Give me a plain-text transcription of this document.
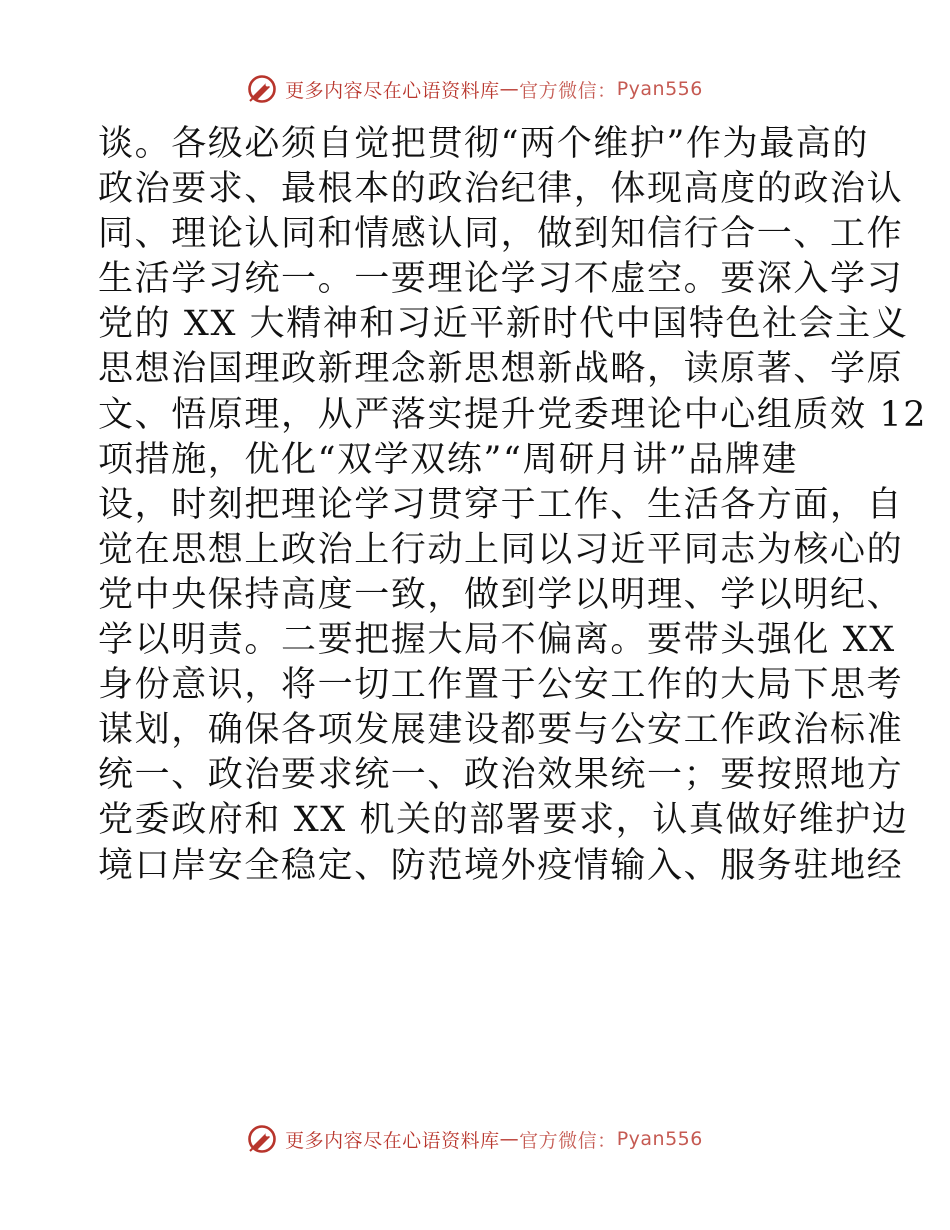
更多内容尽在心语资料库 — 官方微信： Pyan556
谈。各级必须自觉把贯彻“两个维护”作为最高的
政治要求、最根本的政治纪律，体现高度的政治认
同、理论认同和情感认同，做到知信行合一、工作
生活学习统一。一要理论学习不虚空。要深入学习
党的 XX 大精神和习近平新时代中国特色社会主义
思想治国理政新理念新思想新战略，读原著、学原
文、悟原理，从严落实提升党委理论中心组质效 12
项措施，优化“双学双练”“周研月讲”品牌建
设，时刻把理论学习贯穿于工作、生活各方面，自
觉在思想上政治上行动上同以习近平同志为核心的
党中央保持高度一致，做到学以明理、学以明纪、
学以明责。二要把握大局不偏离。要带头强化 XX
身份意识，将一切工作置于公安工作的大局下思考
谋划，确保各项发展建设都要与公安工作政治标准
统一、政治要求统一、政治效果统一；要按照地方
党委政府和 XX 机关的部署要求，认真做好维护边
境口岸安全稳定、防范境外疫情输入、服务驻地经
更多内容尽在心语资料库 — 官方微信： Pyan556
